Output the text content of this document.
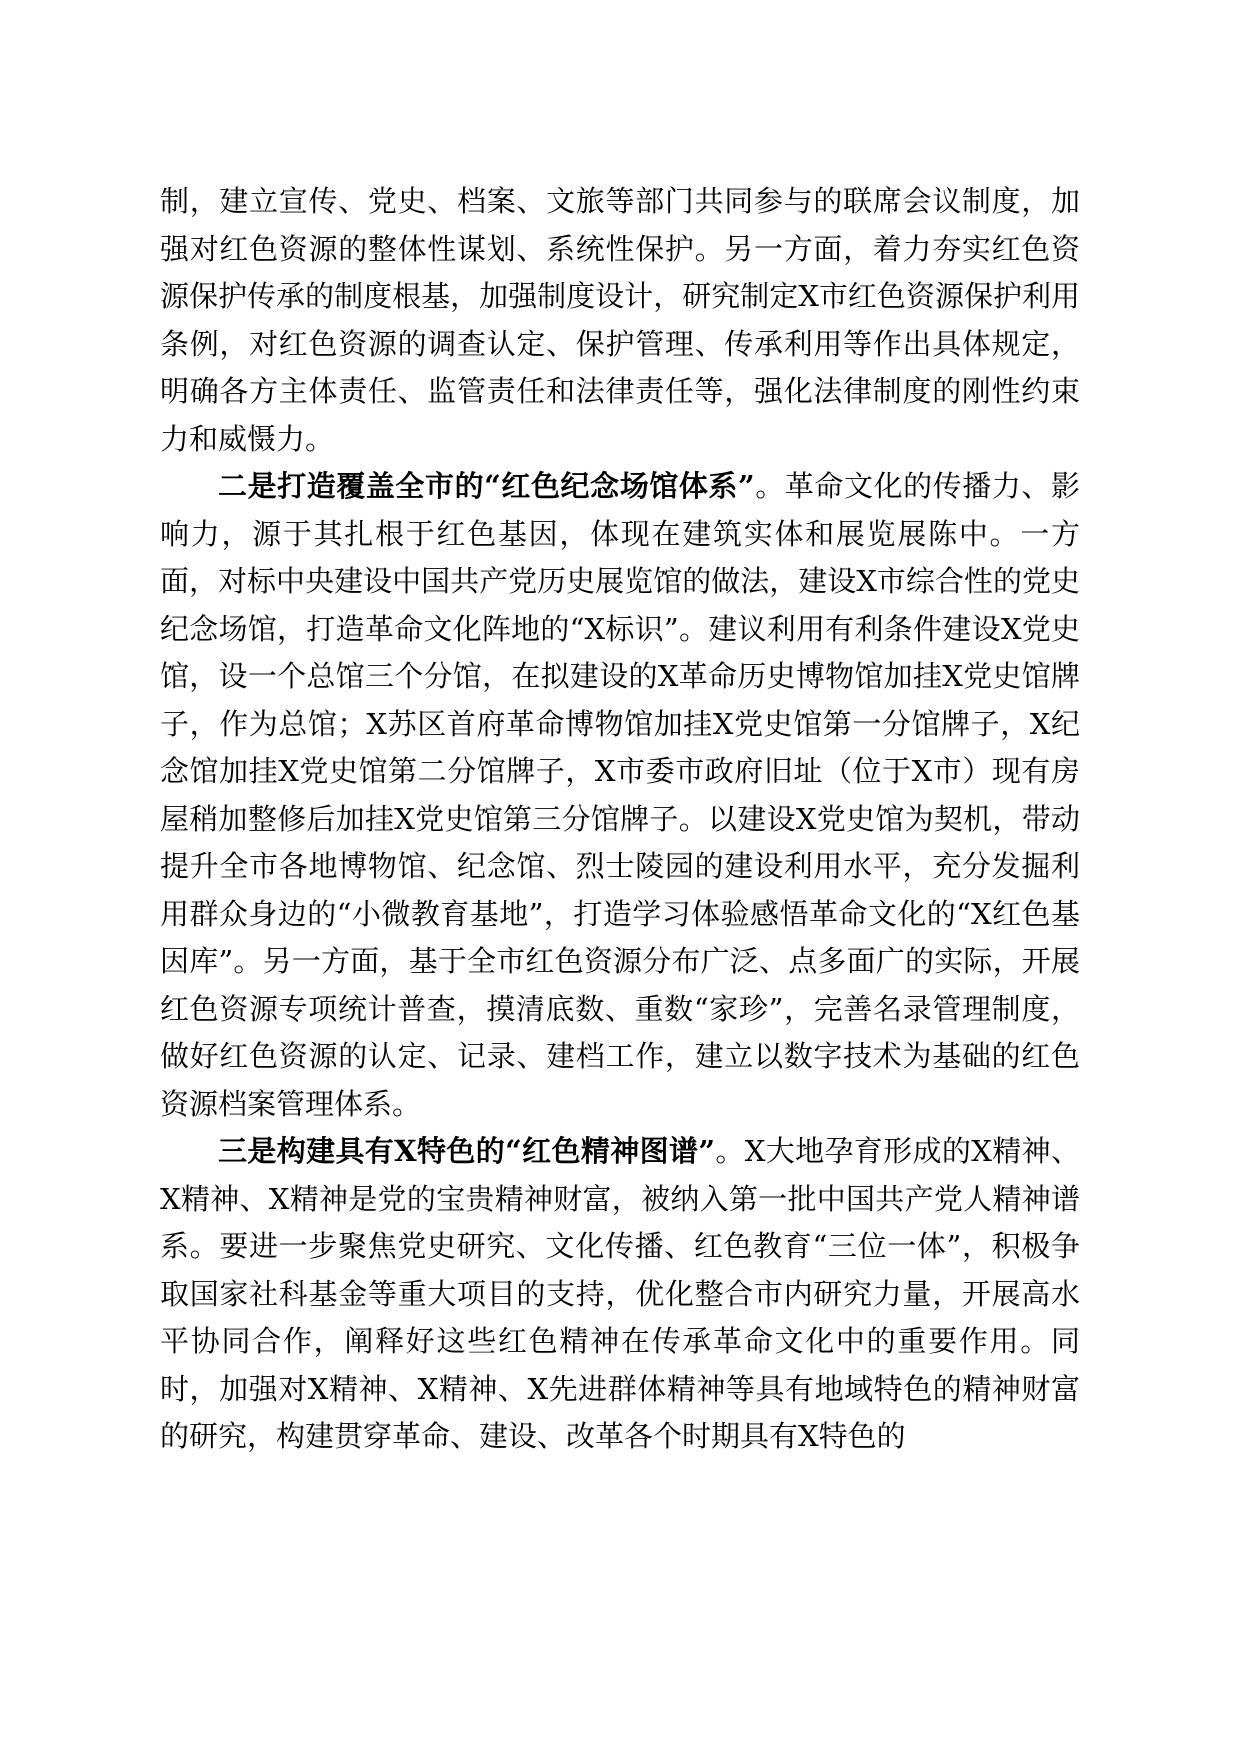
制，建立宣传、党史、档案、文旅等部门共同参与的联席会议制度，加强对红色资源的整体性谋划、系统性保护。另一方面，着力夯实红色资源保护传承的制度根基，加强制度设计，研究制定X市红色资源保护利用条例，对红色资源的调查认定、保护管理、传承利用等作出具体规定，明确各方主体责任、监管责任和法律责任等，强化法律制度的刚性约束力和威慑力。

二是打造覆盖全市的“红色纪念场馆体系”。革命文化的传播力、影响力，源于其扎根于红色基因，体现在建筑实体和展览展陈中。一方面，对标中央建设中国共产党历史展览馆的做法，建设X市综合性的党史纪念场馆，打造革命文化阵地的“X标识”。建议利用有利条件建设X党史馆，设一个总馆三个分馆，在拟建设的X革命历史博物馆加挂X党史馆牌子，作为总馆；X苏区首府革命博物馆加挂X党史馆第一分馆牌子，X纪念馆加挂X党史馆第二分馆牌子，X市委市政府旧址（位于X市）现有房屋稍加整修后加挂X党史馆第三分馆牌子。以建设X党史馆为契机，带动提升全市各地博物馆、纪念馆、烈士陵园的建设利用水平，充分发掘利用群众身边的“小微教育基地”，打造学习体验感悟革命文化的“X红色基因库”。另一方面，基于全市红色资源分布广泛、点多面广的实际，开展红色资源专项统计普查，摸清底数、重数“家珍”，完善名录管理制度，做好红色资源的认定、记录、建档工作，建立以数字技术为基础的红色资源档案管理体系。

三是构建具有X特色的“红色精神图谱”。X大地孕育形成的X精神、X精神、X精神是党的宝贵精神财富，被纳入第一批中国共产党人精神谱系。要进一步聚焦党史研究、文化传播、红色教育“三位一体”，积极争取国家社科基金等重大项目的支持，优化整合市内研究力量，开展高水平协同合作，阐释好这些红色精神在传承革命文化中的重要作用。同时，加强对X精神、X精神、X先进群体精神等具有地域特色的精神财富的研究，构建贯穿革命、建设、改革各个时期具有X特色的
